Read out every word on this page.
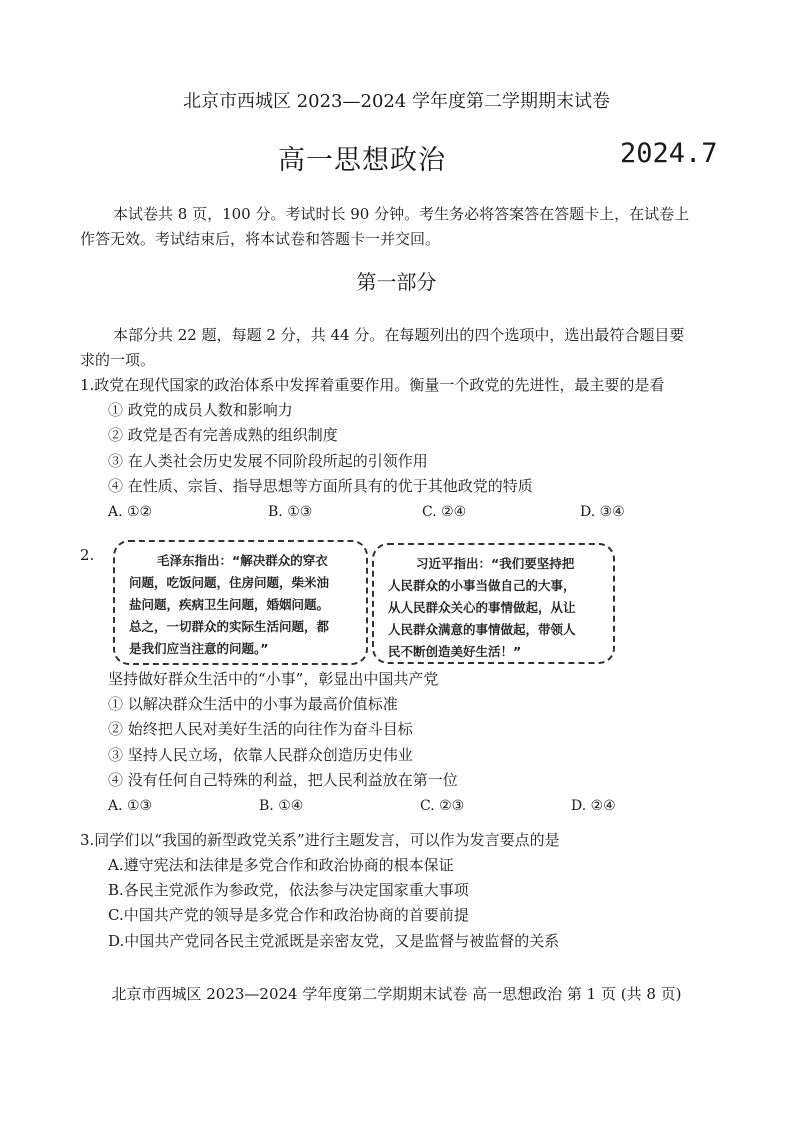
北京市西城区 2023—2024 学年度第二学期期末试卷
高一思想政治	2024.7
本试卷共 8 页，100 分。考试时长 90 分钟。考生务必将答案答在答题卡上，在试卷上
作答无效。考试结束后，将本试卷和答题卡一并交回。
第一部分
本部分共 22 题，每题 2 分，共 44 分。在每题列出的四个选项中，选出最符合题目要
求的一项。
1.政党在现代国家的政治体系中发挥着重要作用。衡量一个政党的先进性，最主要的是看
① 政党的成员人数和影响力
② 政党是否有完善成熟的组织制度
③ 在人类社会历史发展不同阶段所起的引领作用
④ 在性质、宗旨、指导思想等方面所具有的优于其他政党的特质
A. ①②	B. ①③	C. ②④	D. ③④
2.	毛泽东指出：“解决群众的穿衣
问题，吃饭问题，住房问题，柴米油
盐问题，疾病卫生问题，婚姻问题。
总之，一切群众的实际生活问题，都
是我们应当注意的问题。”
习近平指出：“我们要坚持把
人民群众的小事当做自己的大事，
从人民群众关心的事情做起，从让
人民群众满意的事情做起，带领人
民不断创造美好生活！”
坚持做好群众生活中的“小事”，彰显出中国共产党
① 以解决群众生活中的小事为最高价值标准
② 始终把人民对美好生活的向往作为奋斗目标
③ 坚持人民立场，依靠人民群众创造历史伟业
④ 没有任何自己特殊的利益，把人民利益放在第一位
A. ①③	B. ①④	C. ②③	D. ②④
3.同学们以“我国的新型政党关系”进行主题发言，可以作为发言要点的是
A.遵守宪法和法律是多党合作和政治协商的根本保证
B.各民主党派作为参政党，依法参与决定国家重大事项
C.中国共产党的领导是多党合作和政治协商的首要前提
D.中国共产党同各民主党派既是亲密友党，又是监督与被监督的关系
北京市西城区 2023—2024 学年度第二学期期末试卷 高一思想政治 第 1 页 (共 8 页)
